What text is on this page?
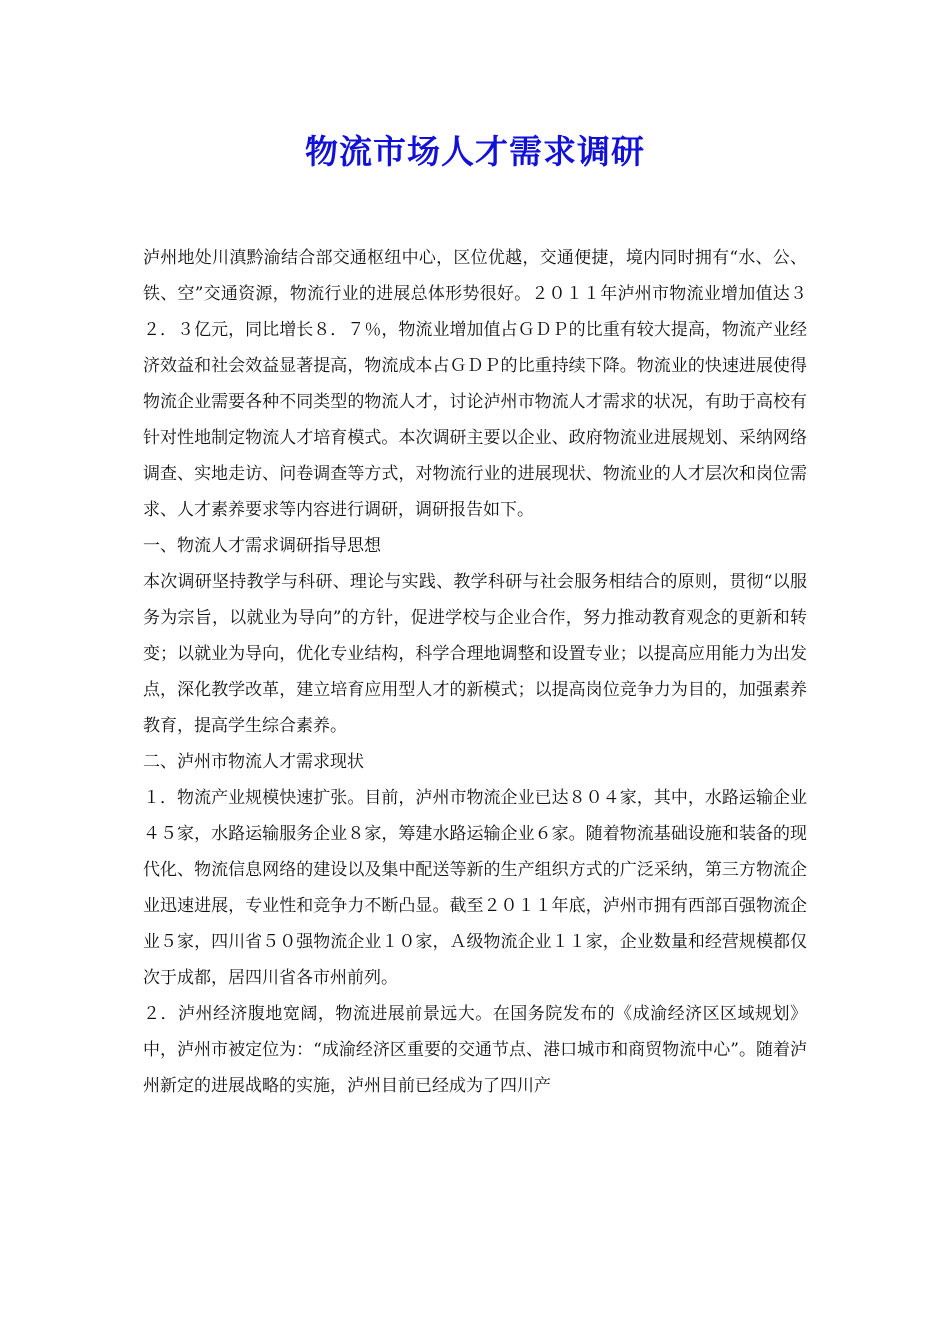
物流市场人才需求调研

泸州地处川滇黔渝结合部交通枢纽中心，区位优越，交通便捷，境内同时拥有“水、公、铁、空”交通资源，物流行业的进展总体形势很好。２０１１年泸州市物流业增加值达３２．３亿元，同比增长８．７％，物流业增加值占ＧＤＰ的比重有较大提高，物流产业经济效益和社会效益显著提高，物流成本占ＧＤＰ的比重持续下降。物流业的快速进展使得物流企业需要各种不同类型的物流人才，讨论泸州市物流人才需求的状况，有助于高校有针对性地制定物流人才培育模式。本次调研主要以企业、政府物流业进展规划、采纳网络调查、实地走访、问卷调查等方式，对物流行业的进展现状、物流业的人才层次和岗位需求、人才素养要求等内容进行调研，调研报告如下。

一、物流人才需求调研指导思想

本次调研坚持教学与科研、理论与实践、教学科研与社会服务相结合的原则，贯彻“以服务为宗旨，以就业为导向”的方针，促进学校与企业合作，努力推动教育观念的更新和转变；以就业为导向，优化专业结构，科学合理地调整和设置专业；以提高应用能力为出发点，深化教学改革，建立培育应用型人才的新模式；以提高岗位竞争力为目的，加强素养教育，提高学生综合素养。

二、泸州市物流人才需求现状

１．物流产业规模快速扩张。目前，泸州市物流企业已达８０４家，其中，水路运输企业４５家，水路运输服务企业８家，筹建水路运输企业６家。随着物流基础设施和装备的现代化、物流信息网络的建设以及集中配送等新的生产组织方式的广泛采纳，第三方物流企业迅速进展，专业性和竞争力不断凸显。截至２０１１年底，泸州市拥有西部百强物流企业５家，四川省５０强物流企业１０家，Ａ级物流企业１１家，企业数量和经营规模都仅次于成都，居四川省各市州前列。

２．泸州经济腹地宽阔，物流进展前景远大。在国务院发布的《成渝经济区区域规划》中，泸州市被定位为：“成渝经济区重要的交通节点、港口城市和商贸物流中心”。随着泸州新定的进展战略的实施，泸州目前已经成为了四川产
